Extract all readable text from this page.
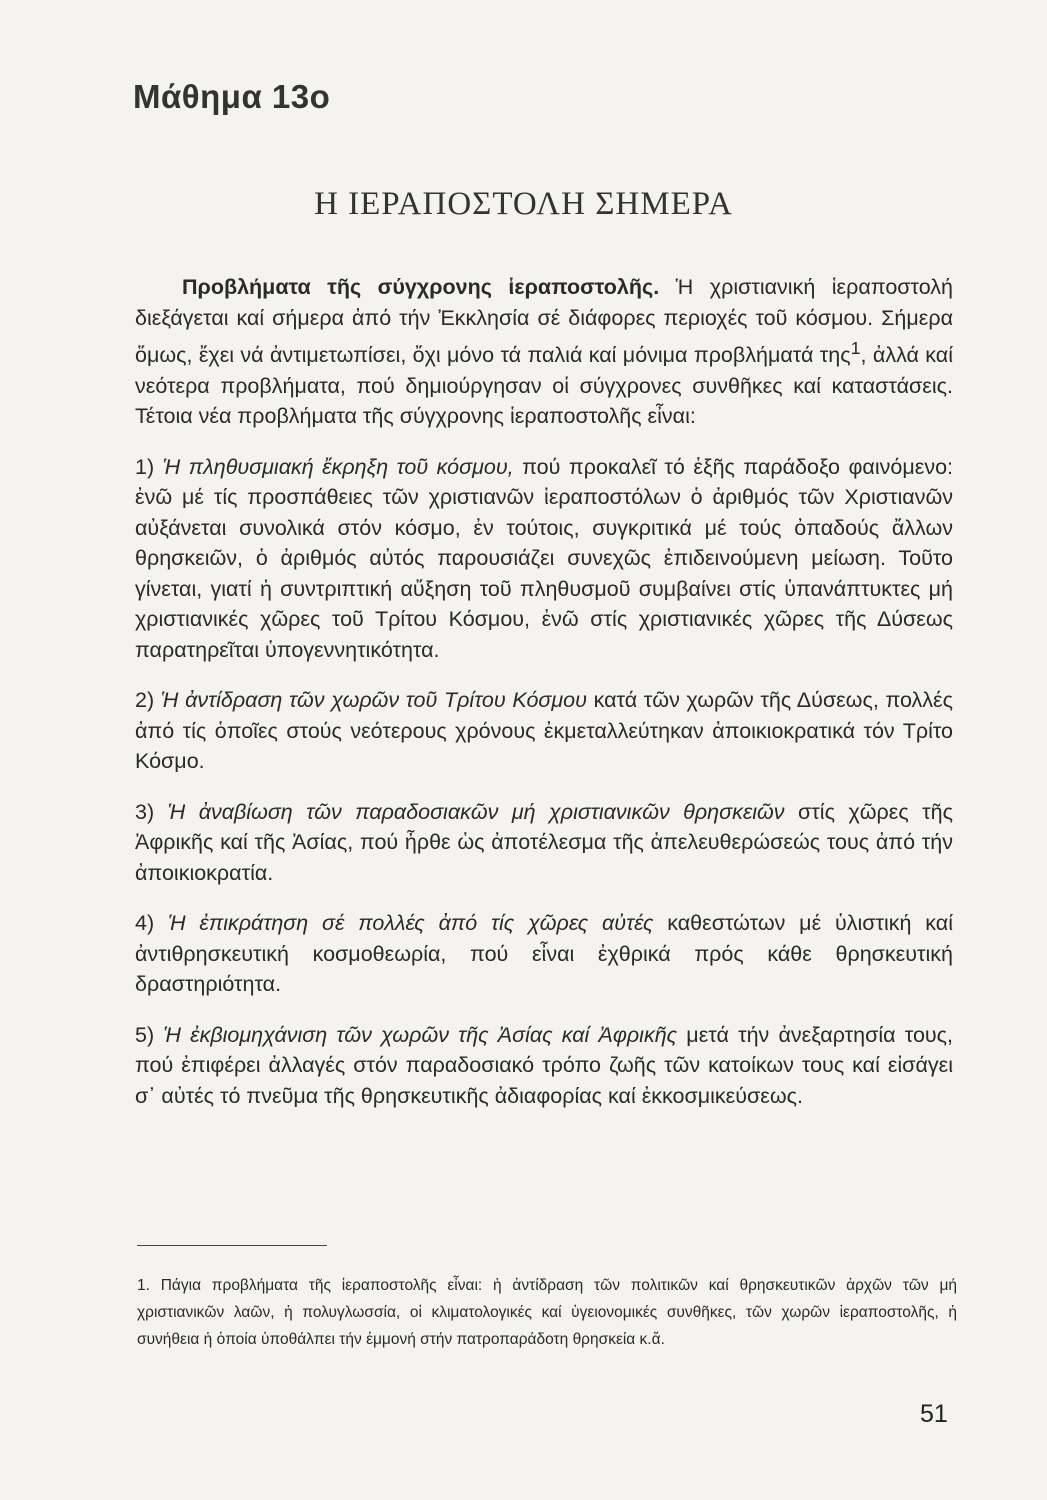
Μάθημα 13ο
Η ΙΕΡΑΠΟΣΤΟΛΗ ΣΗΜΕΡΑ

Προβλήματα τῆς σύγχρονης ἱεραποστολῆς. Ἡ χριστιανική ἱεραποστολή διεξάγεται καί σήμερα ἀπό τήν Ἐκκλησία σέ διάφορες περιοχές τοῦ κόσμου. Σήμερα ὅμως, ἔχει νά ἀντιμετωπίσει, ὄχι μόνο τά παλιά καί μόνιμα προβλήματά της$^1$, ἀλλά καί νεότερα προβλήματα, πού δημιούργησαν οἱ σύγχρονες συνθῆκες καί καταστάσεις. Τέτοια νέα προβλήματα τῆς σύγχρονης ἱεραποστολῆς εἶναι:

1) Ἡ πληθυσμιακή ἔκρηξη τοῦ κόσμου, πού προκαλεῖ τό ἑξῆς παράδοξο φαινόμενο: ἐνῶ μέ τίς προσπάθειες τῶν χριστιανῶν ἱεραποστόλων ὁ ἀριθμός τῶν Χριστιανῶν αὐξάνεται συνολικά στόν κόσμο, ἐν τούτοις, συγκριτικά μέ τούς ὀπαδούς ἄλλων θρησκειῶν, ὁ ἀριθμός αὐτός παρουσιάζει συνεχῶς ἐπιδεινούμενη μείωση. Τοῦτο γίνεται, γιατί ἡ συντριπτική αὔξηση τοῦ πληθυσμοῦ συμβαίνει στίς ὑπανάπτυκτες μή χριστιανικές χῶρες τοῦ Τρίτου Κόσμου, ἐνῶ στίς χριστιανικές χῶρες τῆς Δύσεως παρατηρεῖται ὑπογεννητικότητα.

2) Ἡ ἀντίδραση τῶν χωρῶν τοῦ Τρίτου Κόσμου κατά τῶν χωρῶν τῆς Δύσεως, πολλές ἀπό τίς ὁποῖες στούς νεότερους χρόνους ἐκμεταλλεύτηκαν ἀποικιοκρατικά τόν Τρίτο Κόσμο.

3) Ἡ ἀναβίωση τῶν παραδοσιακῶν μή χριστιανικῶν θρησκειῶν στίς χῶρες τῆς Ἀφρικῆς καί τῆς Ἀσίας, πού ἦρθε ὡς ἀποτέλεσμα τῆς ἀπελευθερώσεώς τους ἀπό τήν ἀποικιοκρατία.

4) Ἡ ἐπικράτηση σέ πολλές ἀπό τίς χῶρες αὐτές καθεστώτων μέ ὑλιστική καί ἀντιθρησκευτική κοσμοθεωρία, πού εἶναι ἐχθρικά πρός κάθε θρησκευτική δραστηριότητα.

5) Ἡ ἐκβιομηχάνιση τῶν χωρῶν τῆς Ἀσίας καί Ἀφρικῆς μετά τήν ἀνεξαρτησία τους, πού ἐπιφέρει ἀλλαγές στόν παραδοσιακό τρόπο ζωῆς τῶν κατοίκων τους καί εἰσάγει σ᾿ αὐτές τό πνεῦμα τῆς θρησκευτικῆς ἀδιαφορίας καί ἐκκοσμικεύσεως.

1. Πάγια προβλήματα τῆς ἱεραποστολῆς εἶναι: ἡ ἀντίδραση τῶν πολιτικῶν καί θρησκευτικῶν ἀρχῶν τῶν μή χριστιανικῶν λαῶν, ἡ πολυγλωσσία, οἱ κλιματολογικές καί ὑγειονομικές συνθῆκες, τῶν χωρῶν ἱεραποστολῆς, ἡ συνήθεια ἡ ὁποία ὑποθάλπει τήν ἐμμονή στήν πατροπαράδοτη θρησκεία κ.ἄ.
51
